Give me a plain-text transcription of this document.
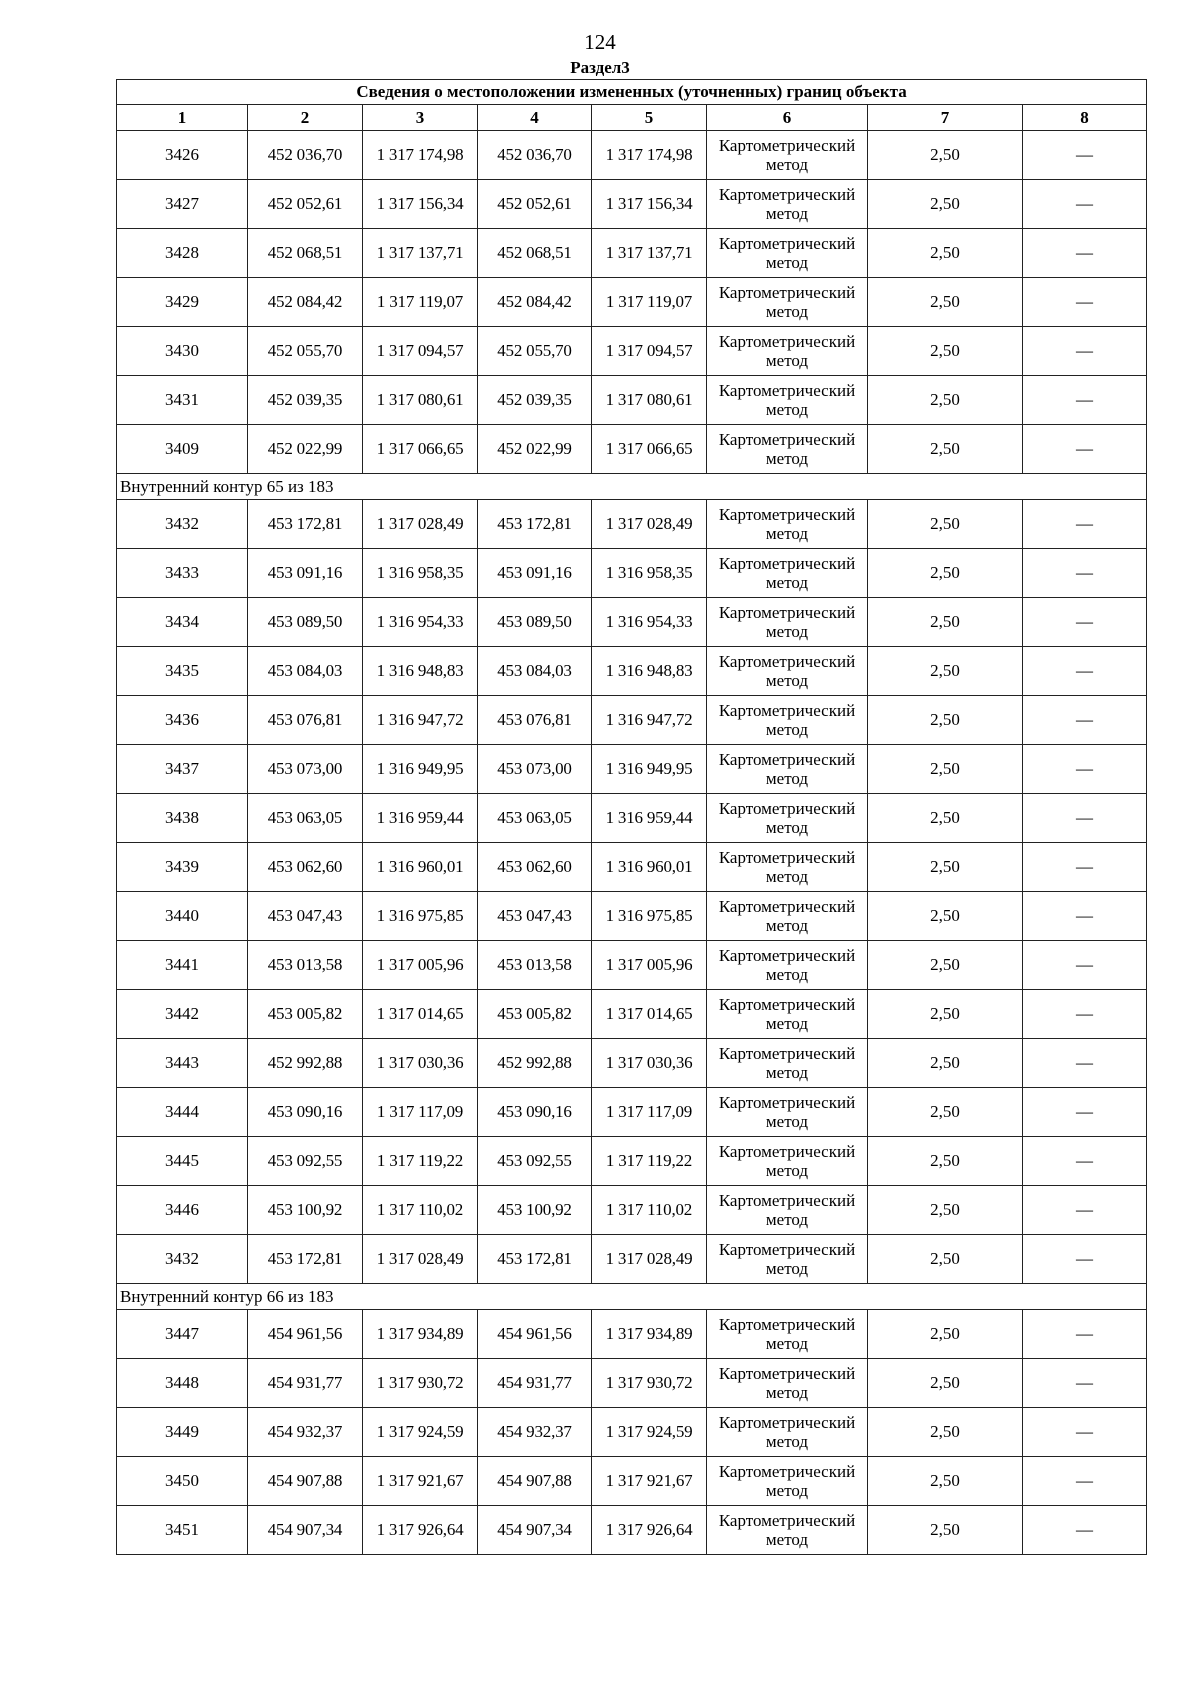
124
Раздел3
Сведения о местоположении измененных (уточненных) границ объекта							
1	2	3	4	5	6	7	8
3426	452 036,70	1 317 174,98	452 036,70	1 317 174,98	Картометрический метод	2,50	—
3427	452 052,61	1 317 156,34	452 052,61	1 317 156,34	Картометрический метод	2,50	—
3428	452 068,51	1 317 137,71	452 068,51	1 317 137,71	Картометрический метод	2,50	—
3429	452 084,42	1 317 119,07	452 084,42	1 317 119,07	Картометрический метод	2,50	—
3430	452 055,70	1 317 094,57	452 055,70	1 317 094,57	Картометрический метод	2,50	—
3431	452 039,35	1 317 080,61	452 039,35	1 317 080,61	Картометрический метод	2,50	—
3409	452 022,99	1 317 066,65	452 022,99	1 317 066,65	Картометрический метод	2,50	—
Внутренний контур 65 из 183							
3432	453 172,81	1 317 028,49	453 172,81	1 317 028,49	Картометрический метод	2,50	—
3433	453 091,16	1 316 958,35	453 091,16	1 316 958,35	Картометрический метод	2,50	—
3434	453 089,50	1 316 954,33	453 089,50	1 316 954,33	Картометрический метод	2,50	—
3435	453 084,03	1 316 948,83	453 084,03	1 316 948,83	Картометрический метод	2,50	—
3436	453 076,81	1 316 947,72	453 076,81	1 316 947,72	Картометрический метод	2,50	—
3437	453 073,00	1 316 949,95	453 073,00	1 316 949,95	Картометрический метод	2,50	—
3438	453 063,05	1 316 959,44	453 063,05	1 316 959,44	Картометрический метод	2,50	—
3439	453 062,60	1 316 960,01	453 062,60	1 316 960,01	Картометрический метод	2,50	—
3440	453 047,43	1 316 975,85	453 047,43	1 316 975,85	Картометрический метод	2,50	—
3441	453 013,58	1 317 005,96	453 013,58	1 317 005,96	Картометрический метод	2,50	—
3442	453 005,82	1 317 014,65	453 005,82	1 317 014,65	Картометрический метод	2,50	—
3443	452 992,88	1 317 030,36	452 992,88	1 317 030,36	Картометрический метод	2,50	—
3444	453 090,16	1 317 117,09	453 090,16	1 317 117,09	Картометрический метод	2,50	—
3445	453 092,55	1 317 119,22	453 092,55	1 317 119,22	Картометрический метод	2,50	—
3446	453 100,92	1 317 110,02	453 100,92	1 317 110,02	Картометрический метод	2,50	—
3432	453 172,81	1 317 028,49	453 172,81	1 317 028,49	Картометрический метод	2,50	—
Внутренний контур 66 из 183							
3447	454 961,56	1 317 934,89	454 961,56	1 317 934,89	Картометрический метод	2,50	—
3448	454 931,77	1 317 930,72	454 931,77	1 317 930,72	Картометрический метод	2,50	—
3449	454 932,37	1 317 924,59	454 932,37	1 317 924,59	Картометрический метод	2,50	—
3450	454 907,88	1 317 921,67	454 907,88	1 317 921,67	Картометрический метод	2,50	—
3451	454 907,34	1 317 926,64	454 907,34	1 317 926,64	Картометрический метод	2,50	—
